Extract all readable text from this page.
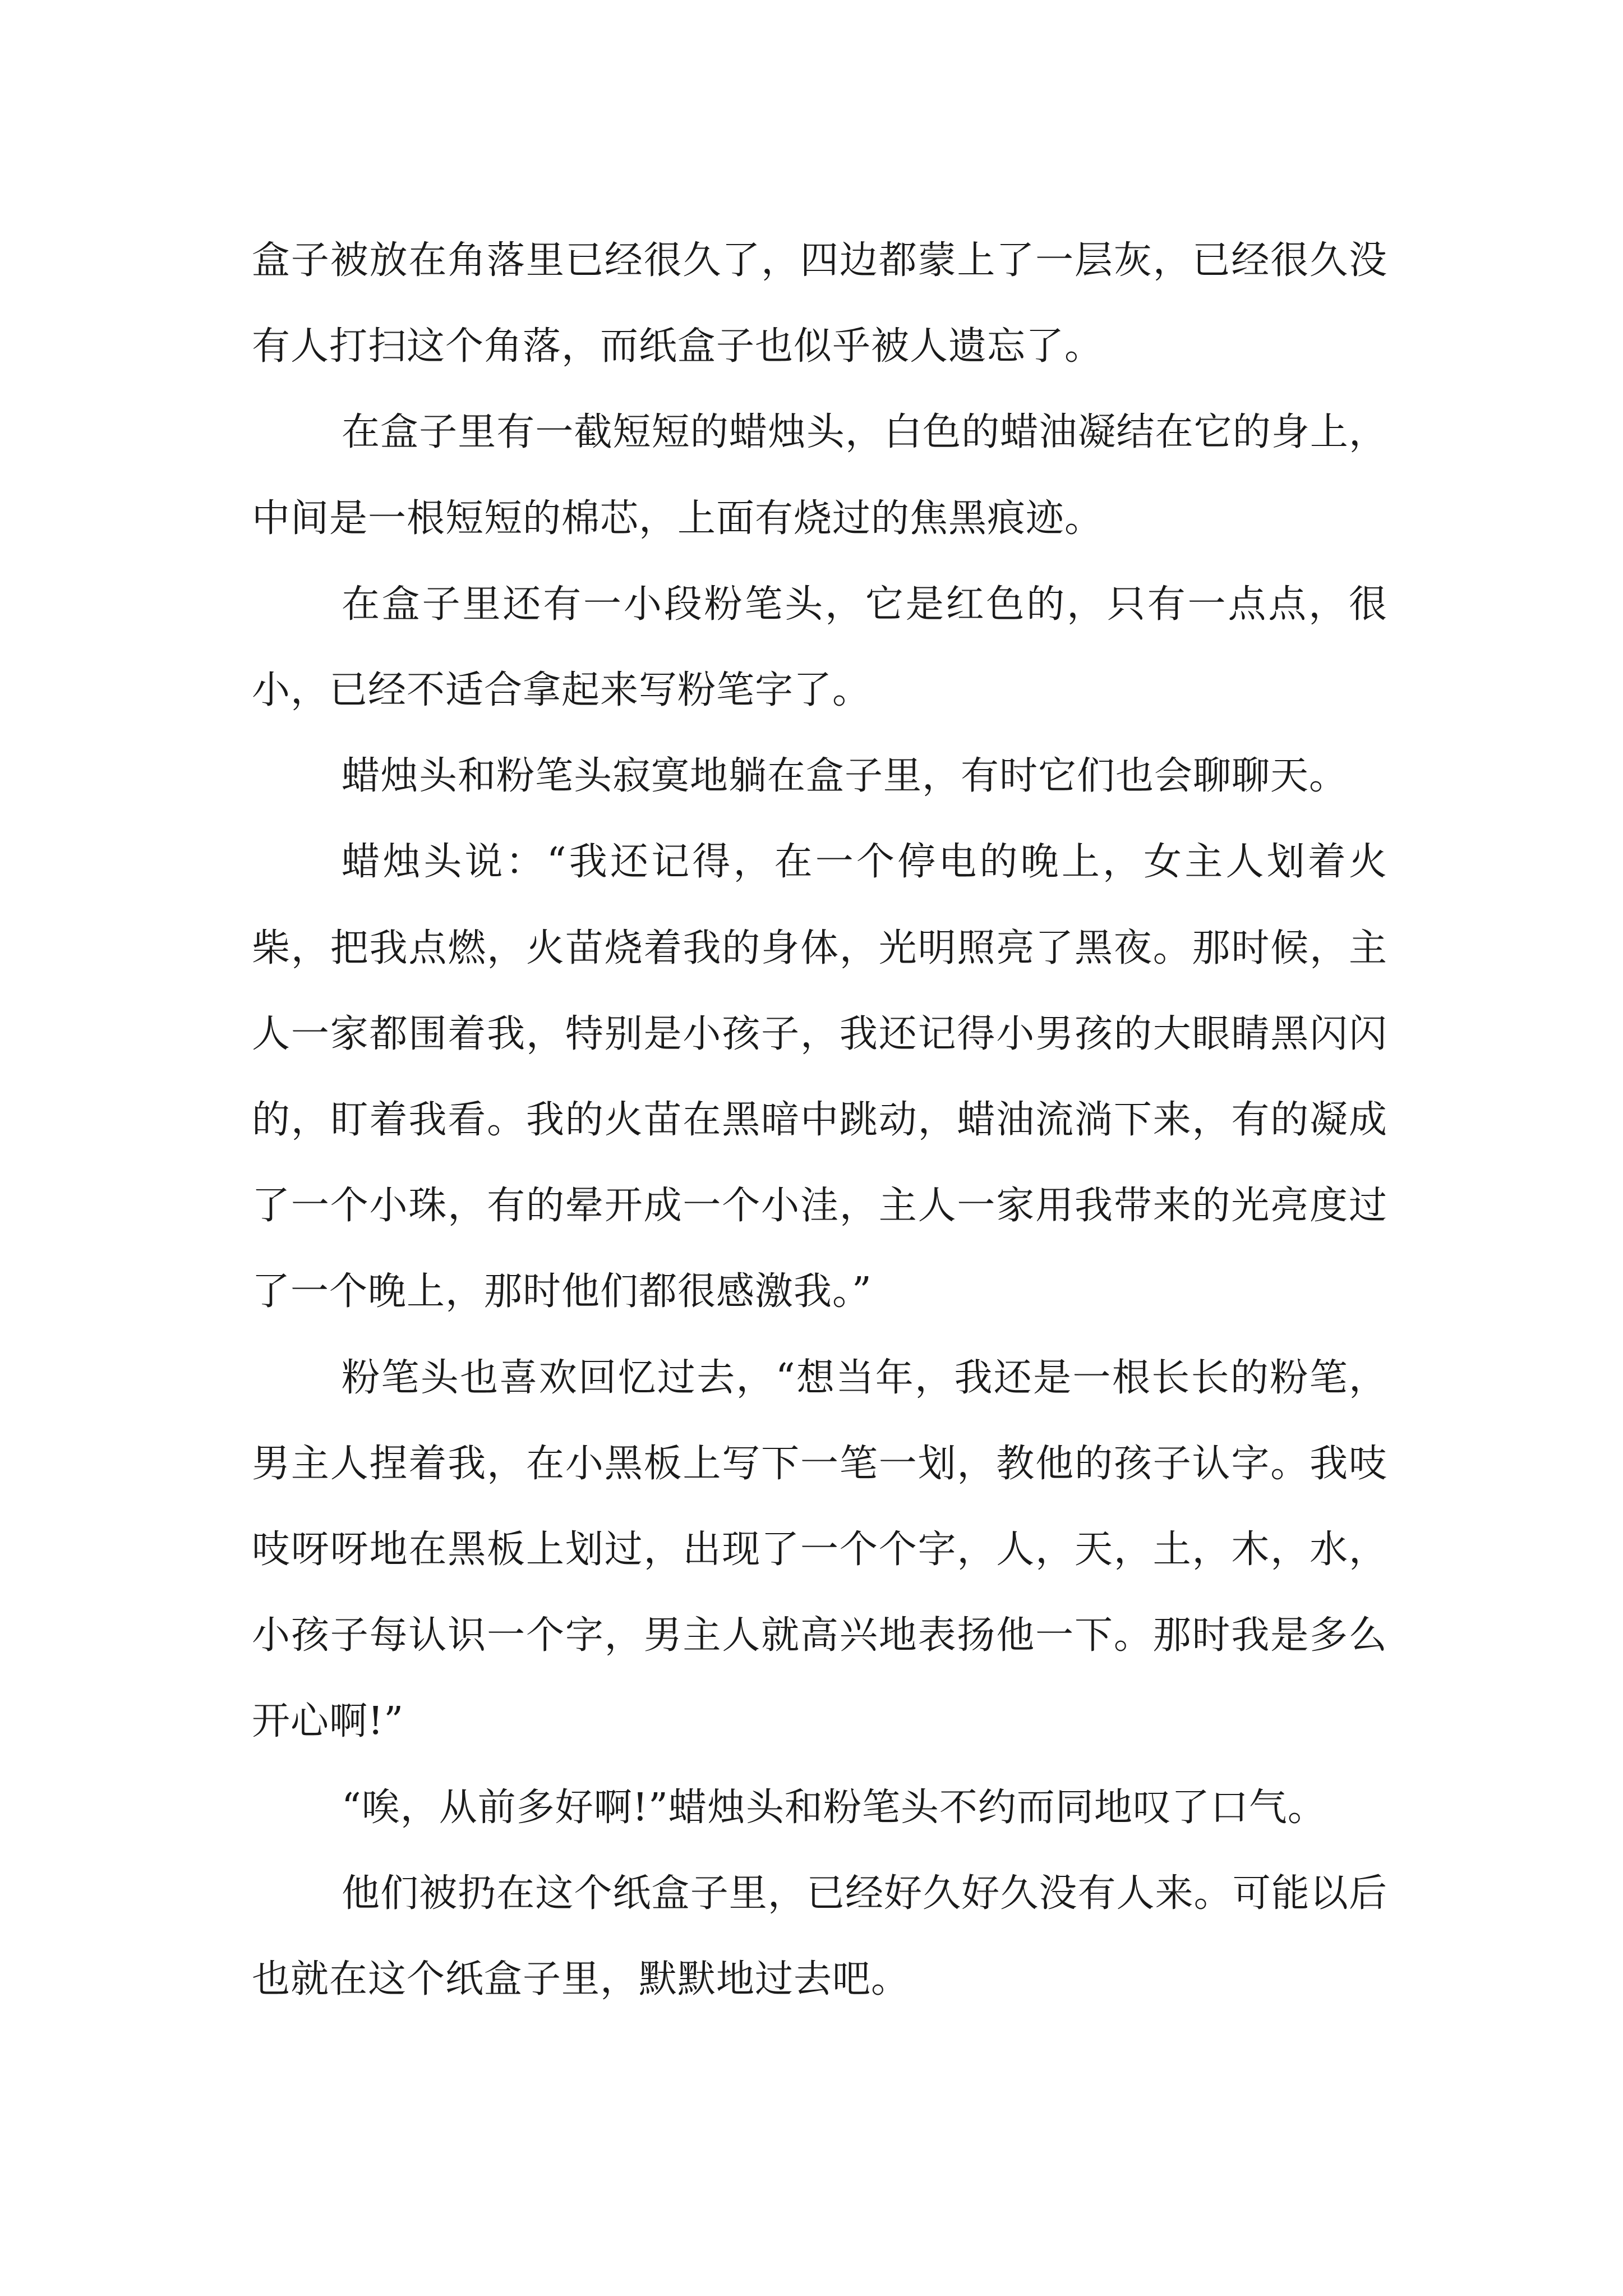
盒子被放在角落里已经很久了，四边都蒙上了一层灰，已经很久没有人打扫这个角落，而纸盒子也似乎被人遗忘了。

在盒子里有一截短短的蜡烛头，白色的蜡油凝结在它的身上，中间是一根短短的棉芯，上面有烧过的焦黑痕迹。

在盒子里还有一小段粉笔头，它是红色的，只有一点点，很小，已经不适合拿起来写粉笔字了。

蜡烛头和粉笔头寂寞地躺在盒子里，有时它们也会聊聊天。

蜡烛头说：“我还记得，在一个停电的晚上，女主人划着火柴，把我点燃，火苗烧着我的身体，光明照亮了黑夜。那时候，主人一家都围着我，特别是小孩子，我还记得小男孩的大眼睛黑闪闪的，盯着我看。我的火苗在黑暗中跳动，蜡油流淌下来，有的凝成了一个小珠，有的晕开成一个小洼，主人一家用我带来的光亮度过了一个晚上，那时他们都很感激我。”

粉笔头也喜欢回忆过去，“想当年，我还是一根长长的粉笔，男主人捏着我，在小黑板上写下一笔一划，教他的孩子认字。我吱吱呀呀地在黑板上划过，出现了一个个字，人，天，土，木，水，小孩子每认识一个字，男主人就高兴地表扬他一下。那时我是多么开心啊!”

“唉，从前多好啊!”蜡烛头和粉笔头不约而同地叹了口气。

他们被扔在这个纸盒子里，已经好久好久没有人来。可能以后也就在这个纸盒子里，默默地过去吧。
